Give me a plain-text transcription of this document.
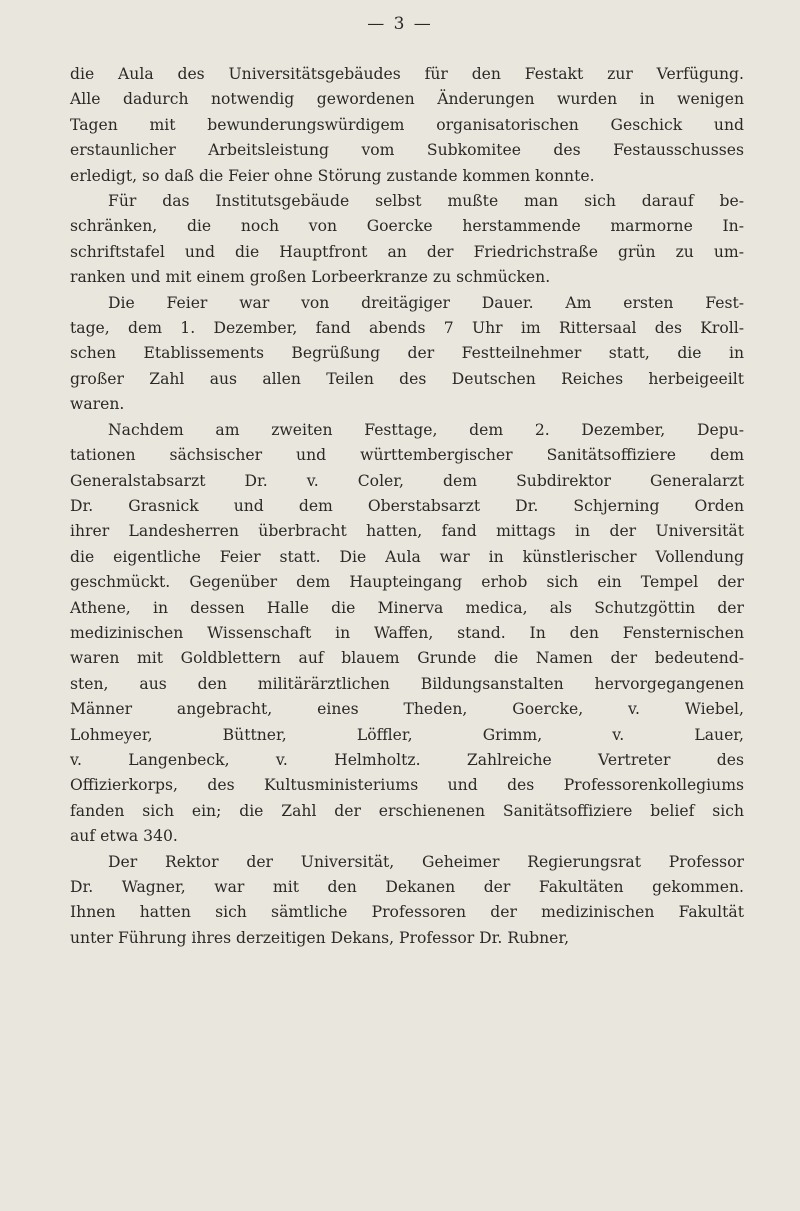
— 3 —
die Aula des Universitätsgebäudes für den Festakt zur Verfügung.
Alle dadurch notwendig gewordenen Änderungen wurden in wenigen
Tagen mit bewunderungswürdigem organisatorischen Geschick und
erstaunlicher Arbeitsleistung vom Subkomitee des Festausschusses
erledigt, so daß die Feier ohne Störung zustande kommen konnte.
Für das Institutsgebäude selbst mußte man sich darauf be-
schränken, die noch von Goercke herstammende marmorne In-
schriftstafel und die Hauptfront an der Friedrichstraße grün zu um-
ranken und mit einem großen Lorbeerkranze zu schmücken.
Die Feier war von dreitägiger Dauer. Am ersten Fest-
tage, dem 1. Dezember, fand abends 7 Uhr im Rittersaal des Kroll-
schen Etablissements Begrüßung der Festteilnehmer statt, die in
großer Zahl aus allen Teilen des Deutschen Reiches herbeigeeilt
waren.
Nachdem am zweiten Festtage, dem 2. Dezember, Depu-
tationen sächsischer und württembergischer Sanitätsoffiziere dem
Generalstabsarzt Dr. v. Coler, dem Subdirektor Generalarzt
Dr. Grasnick und dem Oberstabsarzt Dr. Schjerning Orden
ihrer Landesherren überbracht hatten, fand mittags in der Universität
die eigentliche Feier statt. Die Aula war in künstlerischer Vollendung
geschmückt. Gegenüber dem Haupteingang erhob sich ein Tempel der
Athene, in dessen Halle die Minerva medica, als Schutzgöttin der
medizinischen Wissenschaft in Waffen, stand. In den Fensternischen
waren mit Goldblettern auf blauem Grunde die Namen der bedeutend-
sten, aus den militärärztlichen Bildungsanstalten hervorgegangenen
Männer angebracht, eines Theden, Goercke, v. Wiebel,
Lohmeyer, Büttner, Löffler, Grimm, v. Lauer,
v. Langenbeck, v. Helmholtz. Zahlreiche Vertreter des
Offizierkorps, des Kultusministeriums und des Professorenkollegiums
fanden sich ein; die Zahl der erschienenen Sanitätsoffiziere belief sich
auf etwa 340.
Der Rektor der Universität, Geheimer Regierungsrat Professor
Dr. Wagner, war mit den Dekanen der Fakultäten gekommen.
Ihnen hatten sich sämtliche Professoren der medizinischen Fakultät
unter Führung ihres derzeitigen Dekans, Professor Dr. Rubner,
